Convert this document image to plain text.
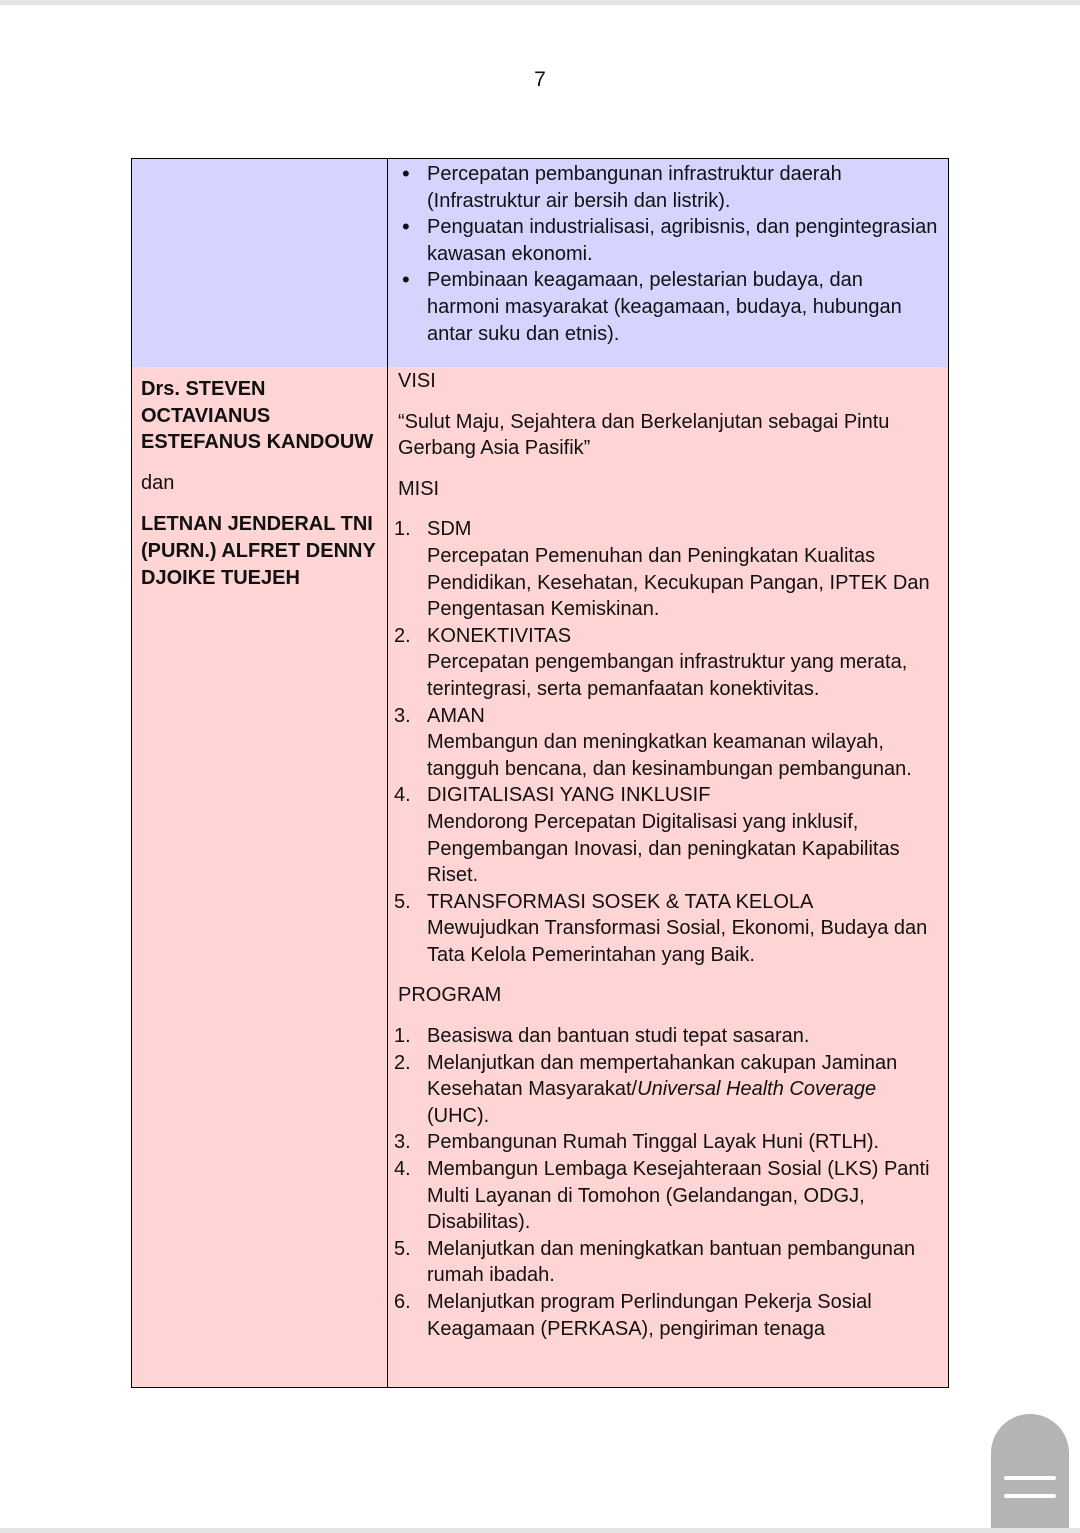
7
• Percepatan pembangunan infrastruktur daerah (Infrastruktur air bersih dan listrik).
• Penguatan industrialisasi, agribisnis, dan pengintegrasian kawasan ekonomi.
• Pembinaan keagamaan, pelestarian budaya, dan harmoni masyarakat (keagamaan, budaya, hubungan antar suku dan etnis).
Drs. STEVEN OCTAVIANUS ESTEFANUS KANDOUW
dan
LETNAN JENDERAL TNI (PURN.) ALFRET DENNY DJOIKE TUEJEH
VISI
“Sulut Maju, Sejahtera dan Berkelanjutan sebagai Pintu Gerbang Asia Pasifik”
MISI
1. SDM
Percepatan Pemenuhan dan Peningkatan Kualitas Pendidikan, Kesehatan, Kecukupan Pangan, IPTEK Dan Pengentasan Kemiskinan.
2. KONEKTIVITAS
Percepatan pengembangan infrastruktur yang merata, terintegrasi, serta pemanfaatan konektivitas.
3. AMAN
Membangun dan meningkatkan keamanan wilayah, tangguh bencana, dan kesinambungan pembangunan.
4. DIGITALISASI YANG INKLUSIF
Mendorong Percepatan Digitalisasi yang inklusif, Pengembangan Inovasi, dan peningkatan Kapabilitas Riset.
5. TRANSFORMASI SOSEK & TATA KELOLA
Mewujudkan Transformasi Sosial, Ekonomi, Budaya dan Tata Kelola Pemerintahan yang Baik.
PROGRAM
1. Beasiswa dan bantuan studi tepat sasaran.
2. Melanjutkan dan mempertahankan cakupan Jaminan Kesehatan Masyarakat/Universal Health Coverage (UHC).
3. Pembangunan Rumah Tinggal Layak Huni (RTLH).
4. Membangun Lembaga Kesejahteraan Sosial (LKS) Panti Multi Layanan di Tomohon (Gelandangan, ODGJ, Disabilitas).
5. Melanjutkan dan meningkatkan bantuan pembangunan rumah ibadah.
6. Melanjutkan program Perlindungan Pekerja Sosial Keagamaan (PERKASA), pengiriman tenaga
